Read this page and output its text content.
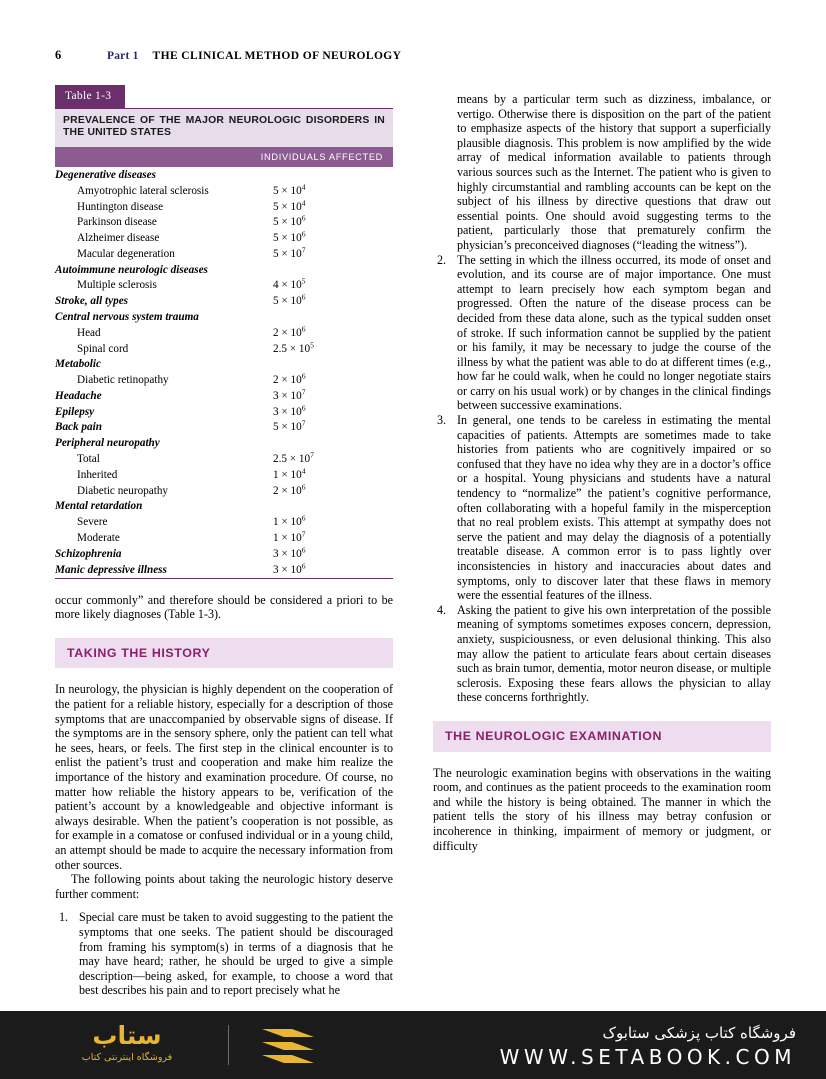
6	Part 1 THE CLINICAL METHOD OF NEUROLOGY
Table 1-3
PREVALENCE OF THE MAJOR NEUROLOGIC DISORDERS IN THE UNITED STATES
INDIVIDUALS AFFECTED
Degenerative diseases	
Amyotrophic lateral sclerosis	$5 \times 10^4$
Huntington disease	$5 \times 10^4$
Parkinson disease	$5 \times 10^6$
Alzheimer disease	$5 \times 10^6$
Macular degeneration	$5 \times 10^7$
Autoimmune neurologic diseases	
Multiple sclerosis	$4 \times 10^5$
Stroke, all types	$5 \times 10^6$
Central nervous system trauma	
Head	$2 \times 10^6$
Spinal cord	$2.5 \times 10^5$
Metabolic	
Diabetic retinopathy	$2 \times 10^6$
Headache	$3 \times 10^7$
Epilepsy	$3 \times 10^6$
Back pain	$5 \times 10^7$
Peripheral neuropathy	
Total	$2.5 \times 10^7$
Inherited	$1 \times 10^4$
Diabetic neuropathy	$2 \times 10^6$
Mental retardation	
Severe	$1 \times 10^6$
Moderate	$1 \times 10^7$
Schizophrenia	$3 \times 10^6$
Manic depressive illness	$3 \times 10^6$

occur commonly” and therefore should be considered a priori to be more likely diagnoses (Table 1-3).

TAKING THE HISTORY

In neurology, the physician is highly dependent on the cooperation of the patient for a reliable history, especially for a description of those symptoms that are unaccompanied by observable signs of disease. If the symptoms are in the sensory sphere, only the patient can tell what he sees, hears, or feels. The first step in the clinical encounter is to enlist the patient’s trust and cooperation and make him realize the importance of the history and examination procedure. Of course, no matter how reliable the history appears to be, verification of the patient’s account by a knowledgeable and objective informant is always desirable. When the patient’s cooperation is not possible, as for example in a comatose or confused individual or in a young child, an attempt should be made to acquire the necessary information from other sources.

The following points about taking the neurologic history deserve further comment:

Special care must be taken to avoid suggesting to the patient the symptoms that one seeks. The patient should be discouraged from framing his symptom(s) in terms of a diagnosis that he may have heard; rather, he should be urged to give a simple description—being asked, for example, to choose a word that best describes his pain and to report precisely what he

means by a particular term such as dizziness, imbalance, or vertigo. Otherwise there is disposition on the part of the patient to emphasize aspects of the history that support a superficially plausible diagnosis. This problem is now amplified by the wide array of medical information available to patients through various sources such as the Internet. The patient who is given to highly circumstantial and rambling accounts can be kept on the subject of his illness by directive questions that draw out essential points. One should avoid suggesting terms to the patient, particularly those that prematurely confirm the physician’s preconceived diagnoses (“leading the witness”).

The setting in which the illness occurred, its mode of onset and evolution, and its course are of major importance. One must attempt to learn precisely how each symptom began and progressed. Often the nature of the disease process can be decided from these data alone, such as the typical sudden onset of stroke. If such information cannot be supplied by the patient or his family, it may be necessary to judge the course of the illness by what the patient was able to do at different times (e.g., how far he could walk, when he could no longer negotiate stairs or carry on his usual work) or by changes in the clinical findings between successive examinations.
In general, one tends to be careless in estimating the mental capacities of patients. Attempts are sometimes made to take histories from patients who are cognitively impaired or so confused that they have no idea why they are in a doctor’s office or a hospital. Young physicians and students have a natural tendency to “normalize” the patient’s cognitive performance, often collaborating with a hopeful family in the misperception that no real problem exists. This attempt at sympathy does not serve the patient and may delay the diagnosis of a potentially treatable disease. A common error is to pass lightly over inconsistencies in history and inaccuracies about dates and symptoms, only to discover later that these flaws in memory were the essential features of the illness.
Asking the patient to give his own interpretation of the possible meaning of symptoms sometimes exposes concern, depression, anxiety, suspiciousness, or even delusional thinking. This also may allow the patient to articulate fears about certain diseases such as brain tumor, dementia, motor neuron disease, or multiple sclerosis. Exposing these fears allows the physician to allay these concerns forthrightly.
THE NEUROLOGIC EXAMINATION

The neurologic examination begins with observations in the waiting room, and continues as the patient proceeds to the examination room and while the history is being obtained. The manner in which the patient tells the story of his illness may betray confusion or incoherence in thinking, impairment of memory or judgment, or difficulty

ستاب
فروشگاه اینترنتی کتاب
فروشگاه کتاب پزشکی ستابوک
WWW.SETABOOK.COM
